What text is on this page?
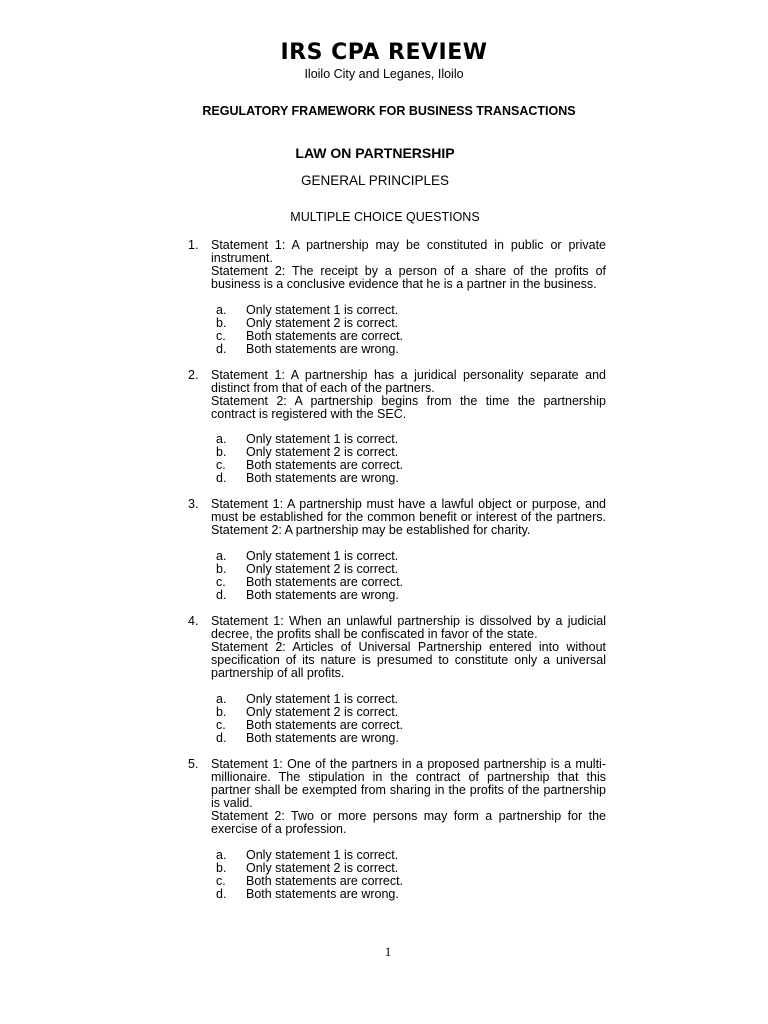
IRS CPA REVIEW
Iloilo City and Leganes, Iloilo
REGULATORY FRAMEWORK FOR BUSINESS TRANSACTIONS
LAW ON PARTNERSHIP
GENERAL PRINCIPLES
MULTIPLE CHOICE QUESTIONS
1. Statement 1: A partnership may be constituted in public or private

instrument.

Statement 2: The receipt by a person of a share of the profits of

business is a conclusive evidence that he is a partner in the business.

a. Only statement 1 is correct.
b. Only statement 2 is correct.
c. Both statements are correct.
d. Both statements are wrong.
2. Statement 1: A partnership has a juridical personality separate and

distinct from that of each of the partners.

Statement 2: A partnership begins from the time the partnership

contract is registered with the SEC.

a. Only statement 1 is correct.
b. Only statement 2 is correct.
c. Both statements are correct.
d. Both statements are wrong.
3. Statement 1: A partnership must have a lawful object or purpose, and

must be established for the common benefit or interest of the partners.

Statement 2: A partnership may be established for charity.

a. Only statement 1 is correct.
b. Only statement 2 is correct.
c. Both statements are correct.
d. Both statements are wrong.
4. Statement 1: When an unlawful partnership is dissolved by a judicial

decree, the profits shall be confiscated in favor of the state.

Statement 2: Articles of Universal Partnership entered into without

specification of its nature is presumed to constitute only a universal

partnership of all profits.

a. Only statement 1 is correct.
b. Only statement 2 is correct.
c. Both statements are correct.
d. Both statements are wrong.
5. Statement 1: One of the partners in a proposed partnership is a multi-

millionaire. The stipulation in the contract of partnership that this

partner shall be exempted from sharing in the profits of the partnership

is valid.

Statement 2: Two or more persons may form a partnership for the

exercise of a profession.

a. Only statement 1 is correct.
b. Only statement 2 is correct.
c. Both statements are correct.
d. Both statements are wrong.
1
